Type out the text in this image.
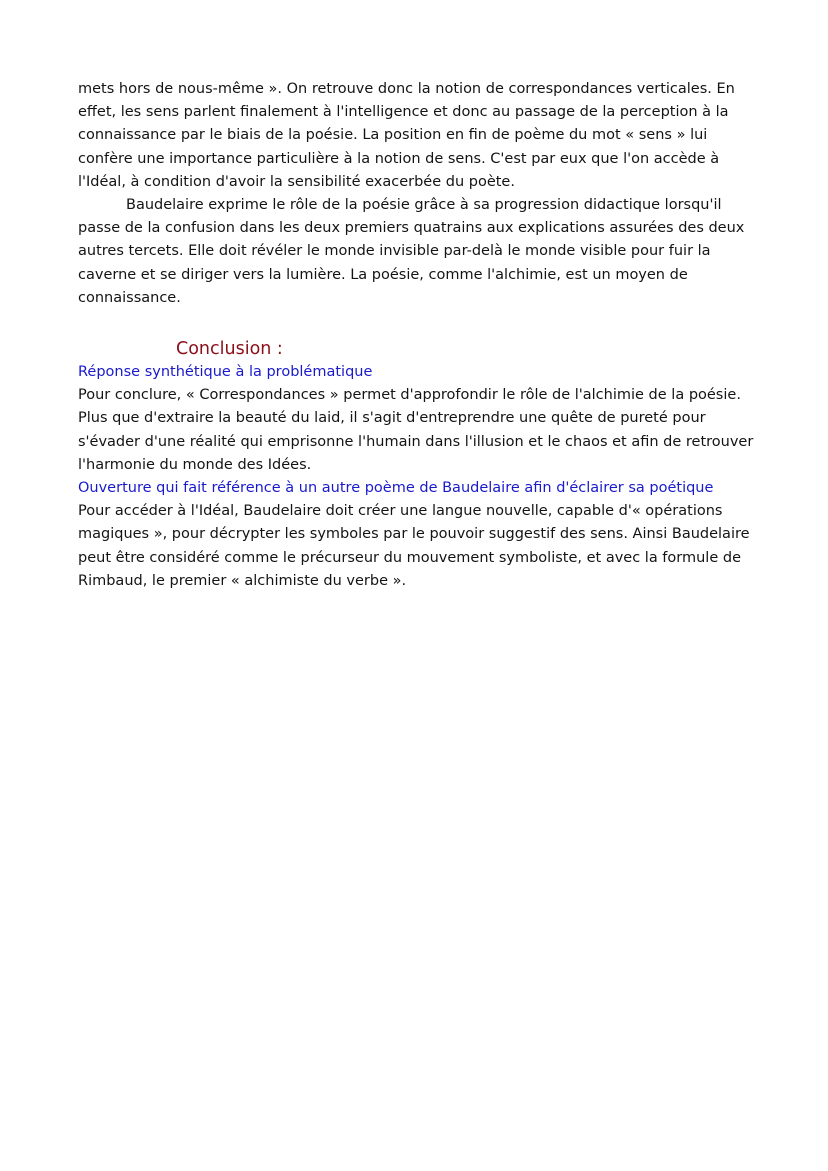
mets hors de nous-même ». On retrouve donc la notion de correspondances verticales. En effet, les sens parlent finalement à l'intelligence et donc au passage de la perception à la connaissance par le biais de la poésie. La position en fin de poème du mot « sens » lui confère une importance particulière à la notion de sens. C'est par eux que l'on accède à l'Idéal, à condition d'avoir la sensibilité exacerbée du poète.

Baudelaire exprime le rôle de la poésie grâce à sa progression didactique lorsqu'il passe de la confusion dans les deux premiers quatrains aux explications assurées des deux autres tercets. Elle doit révéler le monde invisible par-delà le monde visible pour fuir la caverne et se diriger vers la lumière. La poésie, comme l'alchimie, est un moyen de connaissance.

Conclusion :

Réponse synthétique à la problématique

Pour conclure, « Correspondances » permet d'approfondir le rôle de l'alchimie de la poésie. Plus que d'extraire la beauté du laid, il s'agit d'entreprendre une quête de pureté pour s'évader d'une réalité qui emprisonne l'humain dans l'illusion et le chaos et afin de retrouver l'harmonie du monde des Idées.

Ouverture qui fait référence à un autre poème de Baudelaire afin d'éclairer sa poétique

Pour accéder à l'Idéal, Baudelaire doit créer une langue nouvelle, capable d'« opérations magiques », pour décrypter les symboles par le pouvoir suggestif des sens. Ainsi Baudelaire peut être considéré comme le précurseur du mouvement symboliste, et avec la formule de Rimbaud, le premier « alchimiste du verbe ».
